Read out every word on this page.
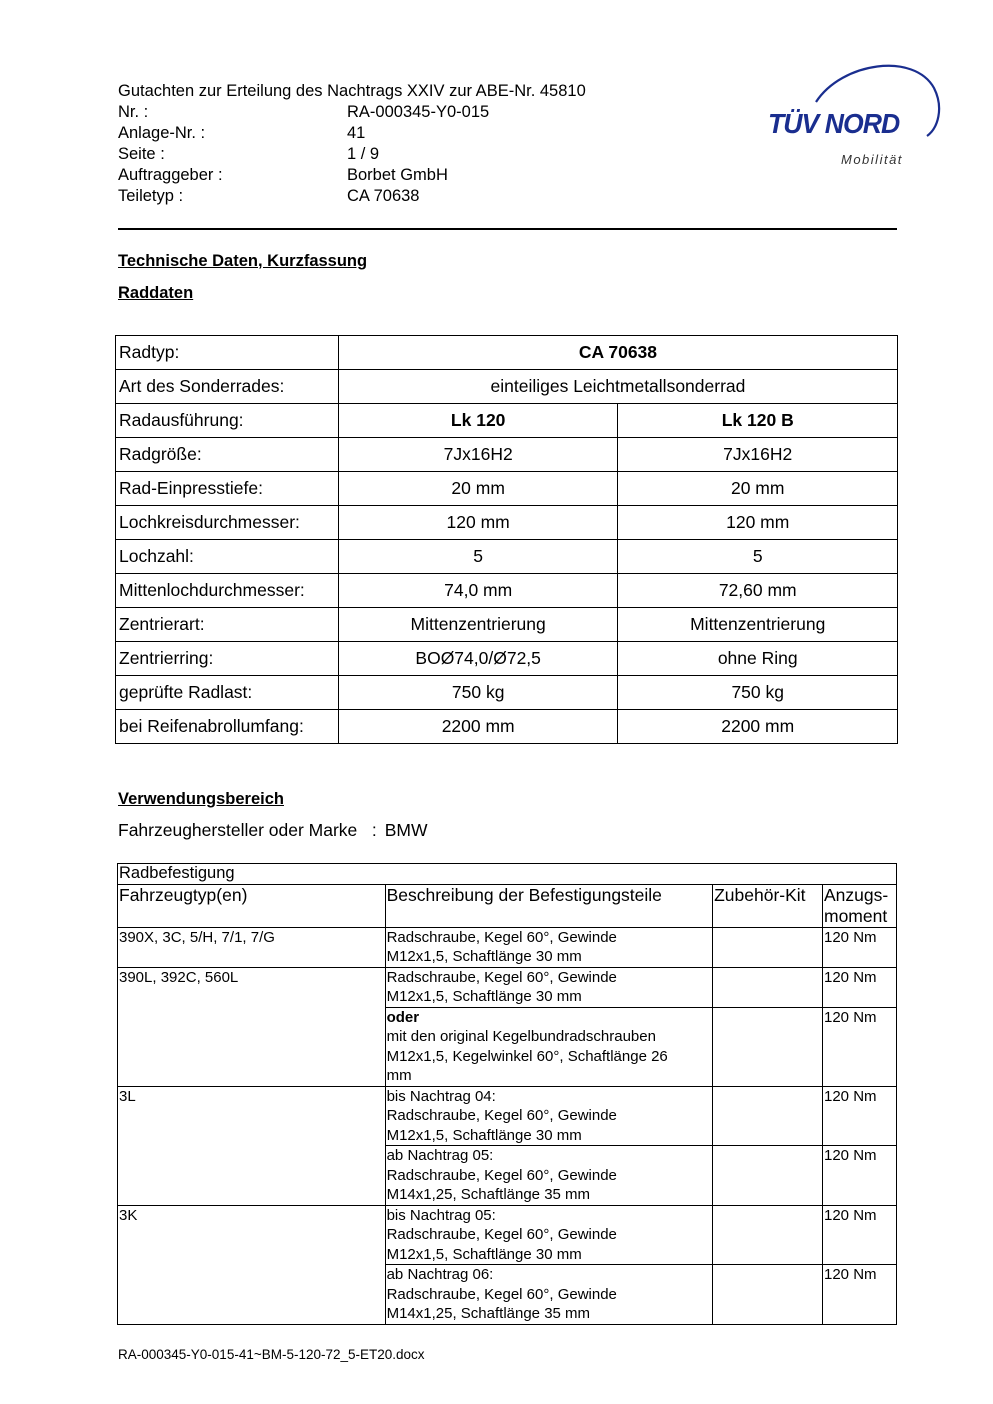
Gutachten zur Erteilung des Nachtrags XXIV zur ABE-Nr. 45810
Nr. :	RA-000345-Y0-015
Anlage-Nr. :	41
Seite :	1 / 9
Auftraggeber :	Borbet GmbH
Teiletyp :	CA 70638
TÜV NORD
Mobilität
Technische Daten, Kurzfassung
Raddaten
Radtyp:	CA 70638	
Art des Sonderrades:	einteiliges Leichtmetallsonderrad	
Radausführung:	Lk 120	Lk 120 B
Radgröße:	7Jx16H2	7Jx16H2
Rad-Einpresstiefe:	20 mm	20 mm
Lochkreisdurchmesser:	120 mm	120 mm
Lochzahl:	5	5
Mittenlochdurchmesser:	74,0 mm	72,60 mm
Zentrierart:	Mittenzentrierung	Mittenzentrierung
Zentrierring:	BOØ74,0/Ø72,5	ohne Ring
geprüfte Radlast:	750 kg	750 kg
bei Reifenabrollumfang:	2200 mm	2200 mm
Verwendungsbereich
Fahrzeughersteller oder Marke   : BMW
Radbefestigung			
Fahrzeugtyp(en)	Beschreibung der Befestigungsteile	Zubehör-Kit	Anzugs-
moment

390X, 3C, 5/H, 7/1, 7/G	Radschraube, Kegel 60°, Gewinde
M12x1,5, Schaftlänge 30 mm		120 Nm
390L, 392C, 560L	Radschraube, Kegel 60°, Gewinde
M12x1,5, Schaftlänge 30 mm		120 Nm

	oder
mit den original Kegelbundradschrauben
M12x1,5, Kegelwinkel 60°, Schaftlänge 26
mm		120 Nm
3L	bis Nachtrag 04:
Radschraube, Kegel 60°, Gewinde
M12x1,5, Schaftlänge 30 mm		120 Nm

	ab Nachtrag 05:
Radschraube, Kegel 60°, Gewinde
M14x1,25, Schaftlänge 35 mm		120 Nm
3K	bis Nachtrag 05:
Radschraube, Kegel 60°, Gewinde
M12x1,5, Schaftlänge 30 mm		120 Nm

	ab Nachtrag 06:
Radschraube, Kegel 60°, Gewinde
M14x1,25, Schaftlänge 35 mm		120 Nm
RA-000345-Y0-015-41~BM-5-120-72_5-ET20.docx
